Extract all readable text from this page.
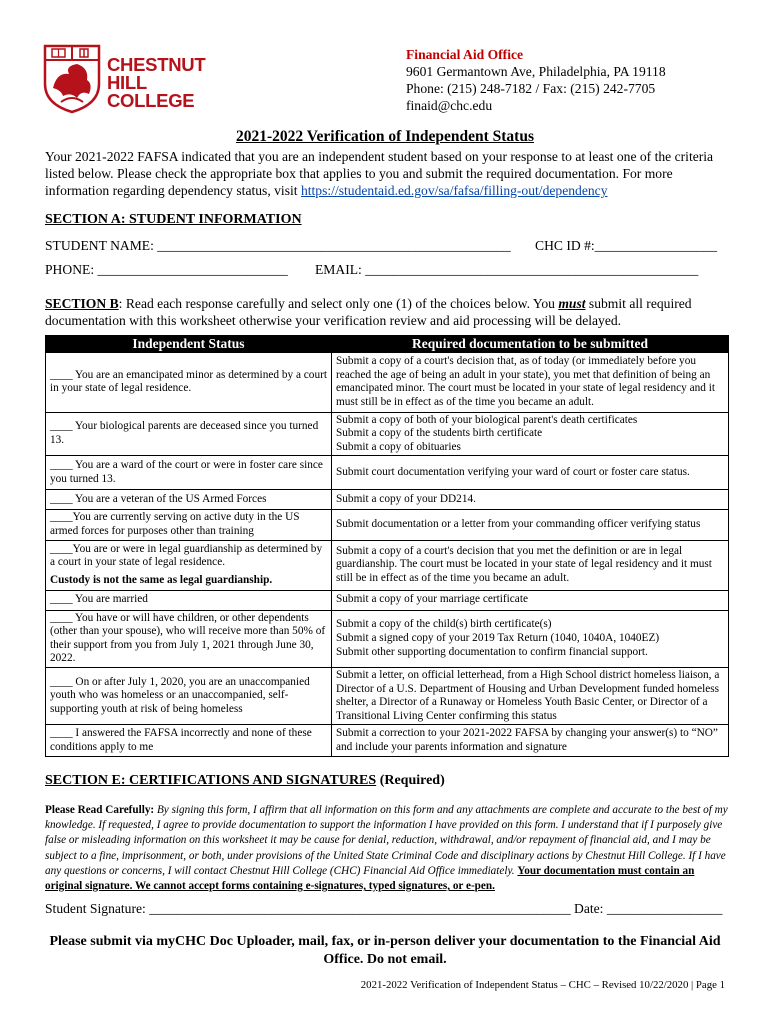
CHESTNUT
HILL
COLLEGE
Financial Aid Office
9601 Germantown Ave, Philadelphia, PA 19118
Phone: (215) 248-7182 / Fax: (215) 242-7705
finaid@chc.edu
2021-2022 Verification of Independent Status
Your 2021-2022 FAFSA indicated that you are an independent student based on your response to at least one of the criteria listed below. Please check the appropriate box that applies to you and submit the required documentation. For more information regarding dependency status, visit https://studentaid.ed.gov/sa/fafsa/filling-out/dependency
SECTION A: STUDENT INFORMATION
STUDENT NAME: ____________________________________________________ CHC ID #:__________________
PHONE: ____________________________ EMAIL: _________________________________________________
SECTION B: Read each response carefully and select only one (1) of the choices below. You must submit all required documentation with this worksheet otherwise your verification review and aid processing will be delayed.
Independent Status	Required documentation to be submitted
____ You are an emancipated minor as determined by a court in your state of legal residence.	Submit a copy of a court's decision that, as of today (or immediately before you reached the age of being an adult in your state), you met that definition of being an emancipated minor. The court must be located in your state of legal residency and it must still be in effect as of the time you became an adult.
____ Your biological parents are deceased since you turned 13.	Submit a copy of both of your biological parent's death certificates
Submit a copy of the students birth certificate
Submit a copy of obituaries

____ You are a ward of the court or were in foster care since you turned 13.	Submit court documentation verifying your ward of court or foster care status.
____ You are a veteran of the US Armed Forces	Submit a copy of your DD214.
____You are currently serving on active duty in the US armed forces for purposes other than training	Submit documentation or a letter from your commanding officer verifying status
____You are or were in legal guardianship as determined by a court in your state of legal residence.
Custody is not the same as legal guardianship.	Submit a copy of a court's decision that you met the definition or are in legal guardianship. The court must be located in your state of legal residency and it must still be in effect as of the time you became an adult.
____ You are married	Submit a copy of your marriage certificate
____ You have or will have children, or other dependents (other than your spouse), who will receive more than 50% of their support from you from July 1, 2021 through June 30, 2022.	Submit a copy of the child(s) birth certificate(s)
Submit a signed copy of your 2019 Tax Return (1040, 1040A, 1040EZ)
Submit other supporting documentation to confirm financial support.

____ On or after July 1, 2020, you are an unaccompanied youth who was homeless or an unaccompanied, self-supporting youth at risk of being homeless	Submit a letter, on official letterhead, from a High School district homeless liaison, a Director of a U.S. Department of Housing and Urban Development funded homeless shelter, a Director of a Runaway or Homeless Youth Basic Center, or Director of a Transitional Living Center confirming this status
____ I answered the FAFSA incorrectly and none of these conditions apply to me	Submit a correction to your 2021-2022 FAFSA by changing your answer(s) to “NO” and include your parents information and signature
SECTION E: CERTIFICATIONS AND SIGNATURES (Required)
Please Read Carefully: By signing this form, I affirm that all information on this form and any attachments are complete and accurate to the best of my knowledge. If requested, I agree to provide documentation to support the information I have provided on this form. I understand that if I purposely give false or misleading information on this worksheet it may be cause for denial, reduction, withdrawal, and/or repayment of financial aid, and I may be subject to a fine, imprisonment, or both, under provisions of the United State Criminal Code and disciplinary actions by Chestnut Hill College. If I have any questions or concerns, I will contact Chestnut Hill College (CHC) Financial Aid Office immediately. Your documentation must contain an original signature. We cannot accept forms containing e-signatures, typed signatures, or e-pen.
Student Signature: ______________________________________________________________ Date: _________________
Please submit via myCHC Doc Uploader, mail, fax, or in-person deliver your documentation to the Financial Aid Office. Do not email.
2021-2022 Verification of Independent Status – CHC – Revised 10/22/2020 | Page 1
